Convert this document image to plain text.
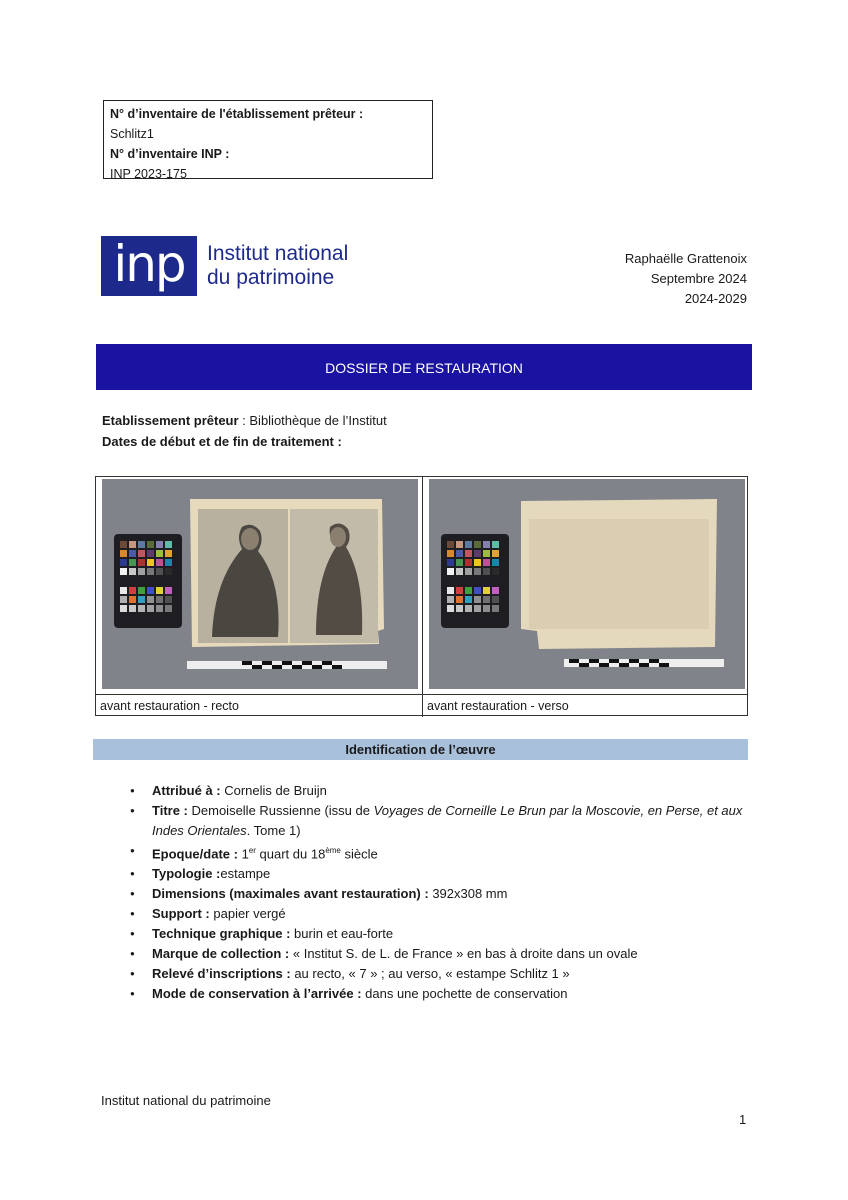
N° d’inventaire de l'établissement prêteur :
Schlitz1
N° d’inventaire INP :
INP 2023-175
inp	Institut national
du patrimoine
Raphaëlle Grattenoix
Septembre 2024
2024-2029
DOSSIER DE RESTAURATION
Etablissement prêteur : Bibliothèque de l’Institut
Dates de début et de fin de traitement :
avant restauration - recto	avant restauration - verso
Identification de l’œuvre
● Attribué à : Cornelis de Bruijn
● Titre : Demoiselle Russienne (issu de Voyages de Corneille Le Brun par la Moscovie, en Perse, et aux Indes Orientales. Tome 1)
● Epoque/date : 1er quart du 18ème siècle
● Typologie :estampe
● Dimensions (maximales avant restauration) : 392x308 mm
● Support : papier vergé
● Technique graphique : burin et eau-forte
● Marque de collection : « Institut S. de L. de France » en bas à droite dans un ovale
● Relevé d’inscriptions : au recto, « 7 » ; au verso, « estampe Schlitz 1 »
● Mode de conservation à l’arrivée : dans une pochette de conservation
Institut national du patrimoine
1
